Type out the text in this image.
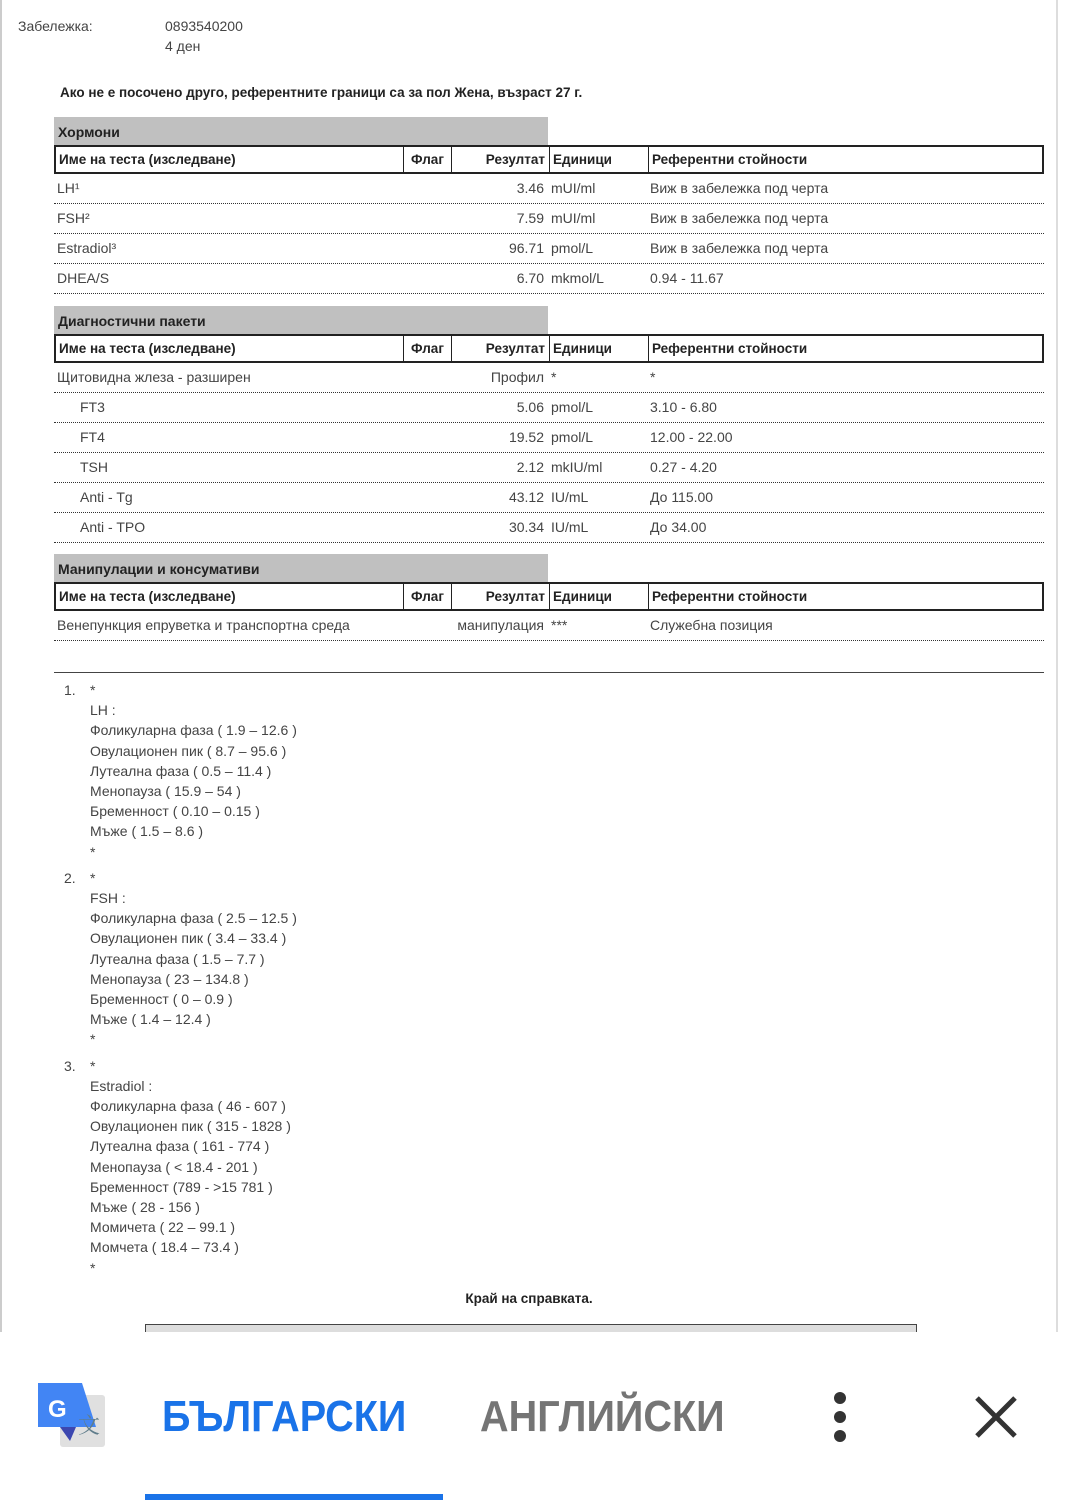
Забележка:	0893540200
4 ден
Ако не е посочено друго, референтните граници са за пол Жена, възраст 27 г.
Хормони
Име на теста (изследване)	Флаг	Резултат Единици	Референтни стойности
LH¹	3.46 mUI/ml	Виж в забележка под черта
FSH²	7.59 mUI/ml	Виж в забележка под черта
Estradiol³	96.71 pmol/L	Виж в забележка под черта
DHEA/S	6.70 mkmol/L	0.94 - 11.67
Диагностични пакети
Име на теста (изследване)	Флаг	Резултат Единици	Референтни стойности
Щитовидна жлеза - разширен	Профил *	*
FT3	5.06 pmol/L	3.10 - 6.80
FT4	19.52 pmol/L	12.00 - 22.00
TSH	2.12 mkIU/ml	0.27 - 4.20
Anti - Tg	43.12 IU/mL	До 115.00
Anti - TPO	30.34 IU/mL	До 34.00
Манипулации и консумативи
Име на теста (изследване)	Флаг	Резултат Единици	Референтни стойности
Венепункция епруветка и транспортна среда	манипулация ***	Служебна позиция
1.	*
LH :
Фоликуларна фаза ( 1.9 – 12.6 )
Овулационен пик ( 8.7 – 95.6 )
Лутеална фаза ( 0.5 – 11.4 )
Менопауза ( 15.9 – 54 )
Бременност ( 0.10 – 0.15 )
Мъже ( 1.5 – 8.6 )
*
2.	*
FSH :
Фоликуларна фаза ( 2.5 – 12.5 )
Овулационен пик ( 3.4 – 33.4 )
Лутеална фаза ( 1.5 – 7.7 )
Менопауза ( 23 – 134.8 )
Бременност ( 0 – 0.9 )
Мъже ( 1.4 – 12.4 )
*
3.	*
Estradiol :
Фоликуларна фаза ( 46 - 607 )
Овулационен пик ( 315 - 1828 )
Лутеална фаза ( 161 - 774 )
Менопауза ( < 18.4 - 201 )
Бременност (789 - >15 781 )
Мъже ( 28 - 156 )
Момичета ( 22 – 99.1 )
Момчета ( 18.4 – 73.4 )
*
Край на справката.
G
文 БЪЛГАРСКИ АНГЛИЙСКИ
